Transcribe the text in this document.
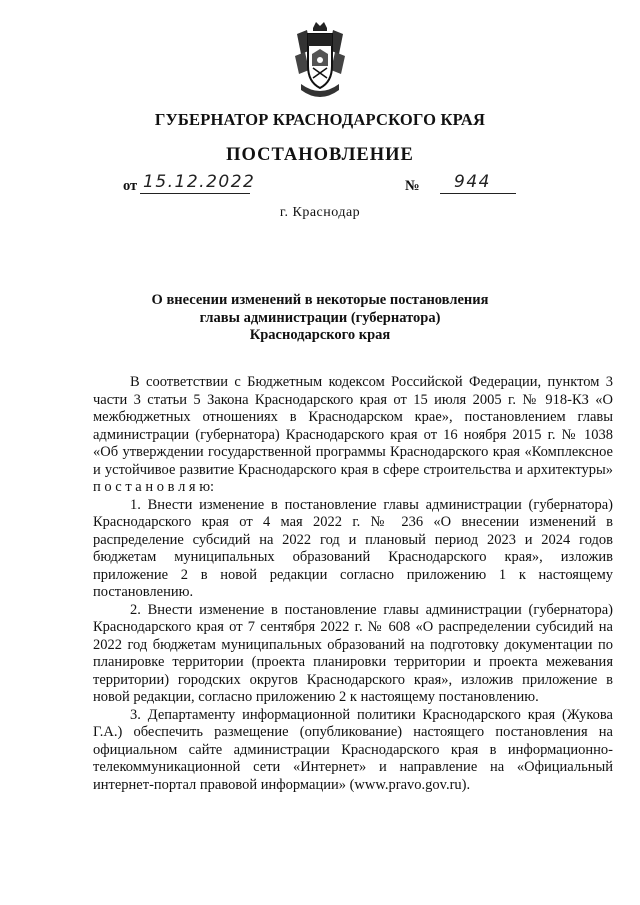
ГУБЕРНАТОР КРАСНОДАРСКОГО КРАЯ
ПОСТАНОВЛЕНИЕ
от 15.12.2022	№ 944
г. Краснодар
О внесении изменений в некоторые постановления
главы администрации (губернатора)
Краснодарского края

В соответствии с Бюджетным кодексом Российской Федерации, пунктом 3 части 3 статьи 5 Закона Краснодарского края от 15 июля 2005 г. № 918-КЗ «О межбюджетных отношениях в Краснодарском крае», постановлением главы администрации (губернатора) Краснодарского края от 16 ноября 2015 г. № 1038 «Об утверждении государственной программы Краснодарского края «Комплексное и устойчивое развитие Краснодарского края в сфере строительства и архитектуры» п о с т а н о в л я ю:

1. Внести изменение в постановление главы администрации (губернатора) Краснодарского края от 4 мая 2022 г. № 236 «О внесении изменений в распределение субсидий на 2022 год и плановый период 2023 и 2024 годов бюджетам муниципальных образований Краснодарского края», изложив приложение 2 в новой редакции согласно приложению 1 к настоящему постановлению.

2. Внести изменение в постановление главы администрации (губернатора) Краснодарского края от 7 сентября 2022 г. № 608 «О распределении субсидий на 2022 год бюджетам муниципальных образований на подготовку документации по планировке территории (проекта планировки территории и проекта межевания территории) городских округов Краснодарского края», изложив приложение в новой редакции, согласно приложению 2 к настоящему постановлению.

3. Департаменту информационной политики Краснодарского края (Жукова Г.А.) обеспечить размещение (опубликование) настоящего постановления на официальном сайте администрации Краснодарского края в информационно-телекоммуникационной сети «Интернет» и направление на «Официальный интернет-портал правовой информации» (www.pravo.gov.ru).
